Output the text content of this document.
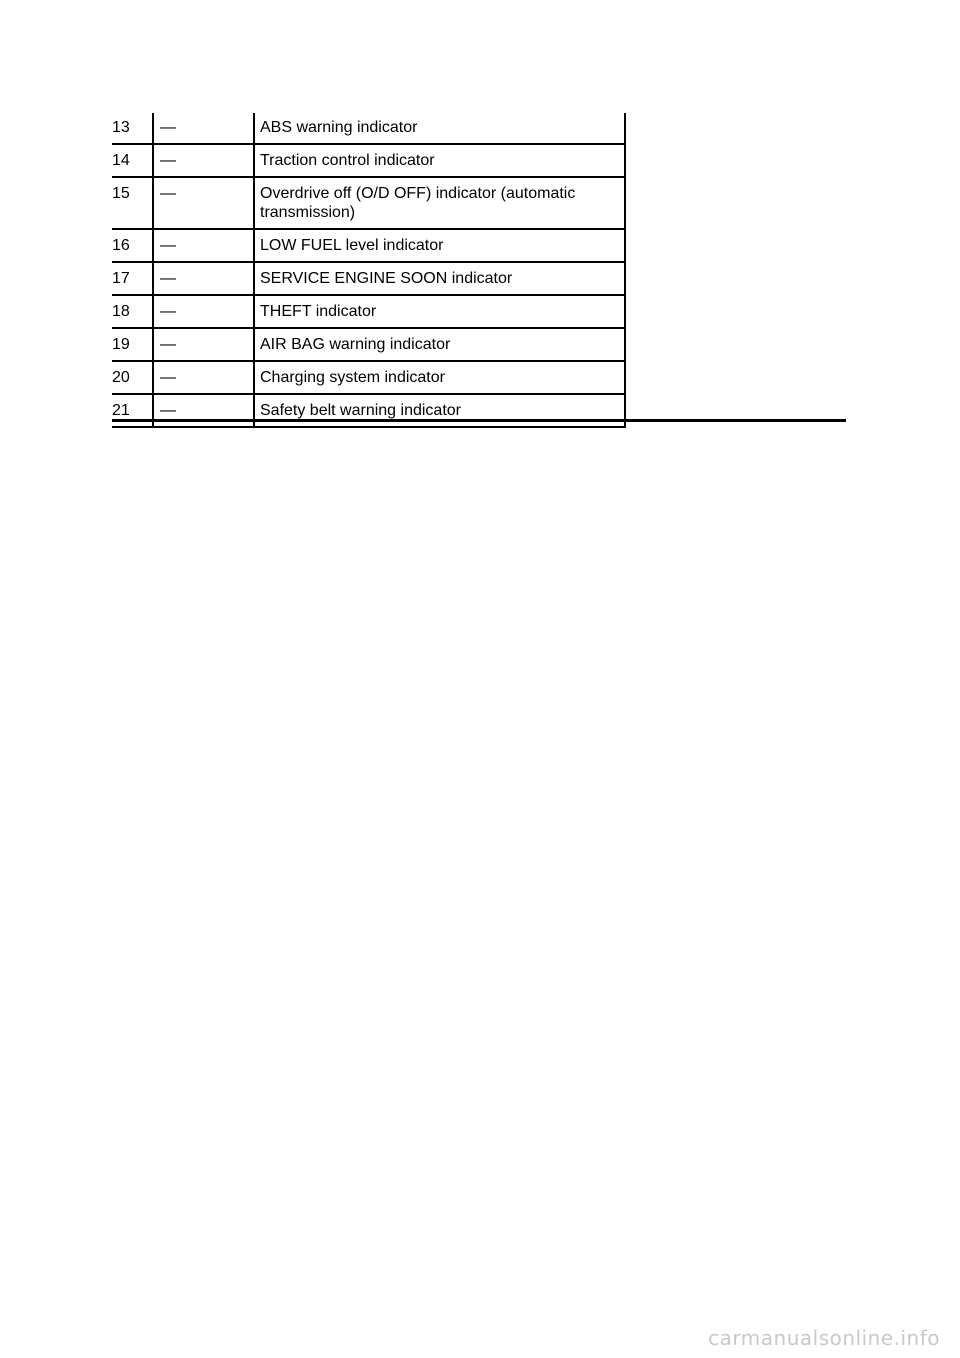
13	—	ABS warning indicator
14	—	Traction control indicator
15	—	Overdrive off (O/D OFF) indicator (automatic transmission)
16	—	LOW FUEL level indicator
17	—	SERVICE ENGINE SOON indicator
18	—	THEFT indicator
19	—	AIR BAG warning indicator
20	—	Charging system indicator
21	—	Safety belt warning indicator
carmanualsonline.info
